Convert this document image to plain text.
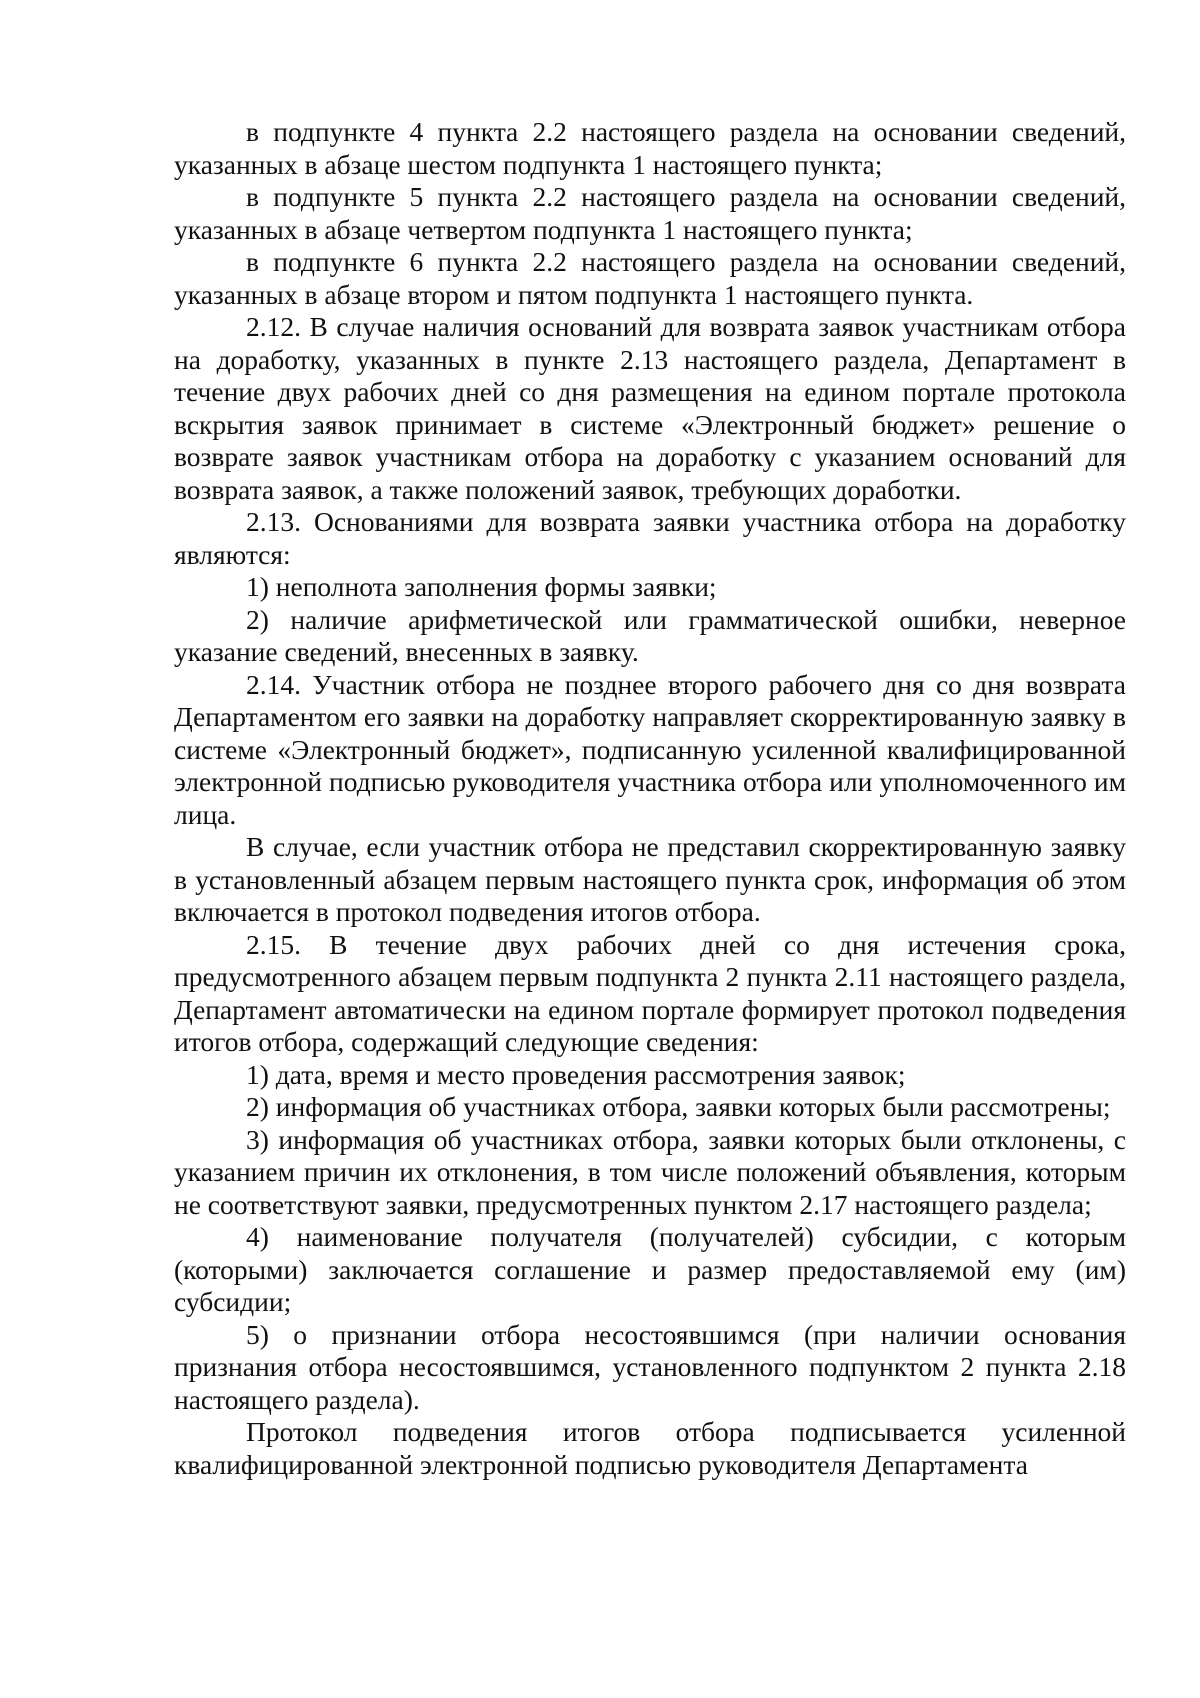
в подпункте 4 пункта 2.2 настоящего раздела на основании сведений, указанных в абзаце шестом подпункта 1 настоящего пункта;

в подпункте 5 пункта 2.2 настоящего раздела на основании сведений, указанных в абзаце четвертом подпункта 1 настоящего пункта;

в подпункте 6 пункта 2.2 настоящего раздела на основании сведений, указанных в абзаце втором и пятом подпункта 1 настоящего пункта.

2.12. В случае наличия оснований для возврата заявок участникам отбора на доработку, указанных в пункте 2.13 настоящего раздела, Департамент в течение двух рабочих дней со дня размещения на едином портале протокола вскрытия заявок принимает в системе «Электронный бюджет» решение о возврате заявок участникам отбора на доработку с указанием оснований для возврата заявок, а также положений заявок, требующих доработки.

2.13. Основаниями для возврата заявки участника отбора на доработку являются:

1) неполнота заполнения формы заявки;

2) наличие арифметической или грамматической ошибки, неверное указание сведений, внесенных в заявку.

2.14. Участник отбора не позднее второго рабочего дня со дня возврата Департаментом его заявки на доработку направляет скорректированную заявку в системе «Электронный бюджет», подписанную усиленной квалифицированной электронной подписью руководителя участника отбора или уполномоченного им лица.

В случае, если участник отбора не представил скорректированную заявку в установленный абзацем первым настоящего пункта срок, информация об этом включается в протокол подведения итогов отбора.

2.15. В течение двух рабочих дней со дня истечения срока, предусмотренного абзацем первым подпункта 2 пункта 2.11 настоящего раздела, Департамент автоматически на едином портале формирует протокол подведения итогов отбора, содержащий следующие сведения:

1) дата, время и место проведения рассмотрения заявок;

2) информация об участниках отбора, заявки которых были рассмотрены;

3) информация об участниках отбора, заявки которых были отклонены, с указанием причин их отклонения, в том числе положений объявления, которым не соответствуют заявки, предусмотренных пунктом 2.17 настоящего раздела;

4) наименование получателя (получателей) субсидии, с которым (которыми) заключается соглашение и размер предоставляемой ему (им) субсидии;

5) о признании отбора несостоявшимся (при наличии основания признания отбора несостоявшимся, установленного подпунктом 2 пункта 2.18 настоящего раздела).

Протокол подведения итогов отбора подписывается усиленной квалифицированной электронной подписью руководителя Департамента
